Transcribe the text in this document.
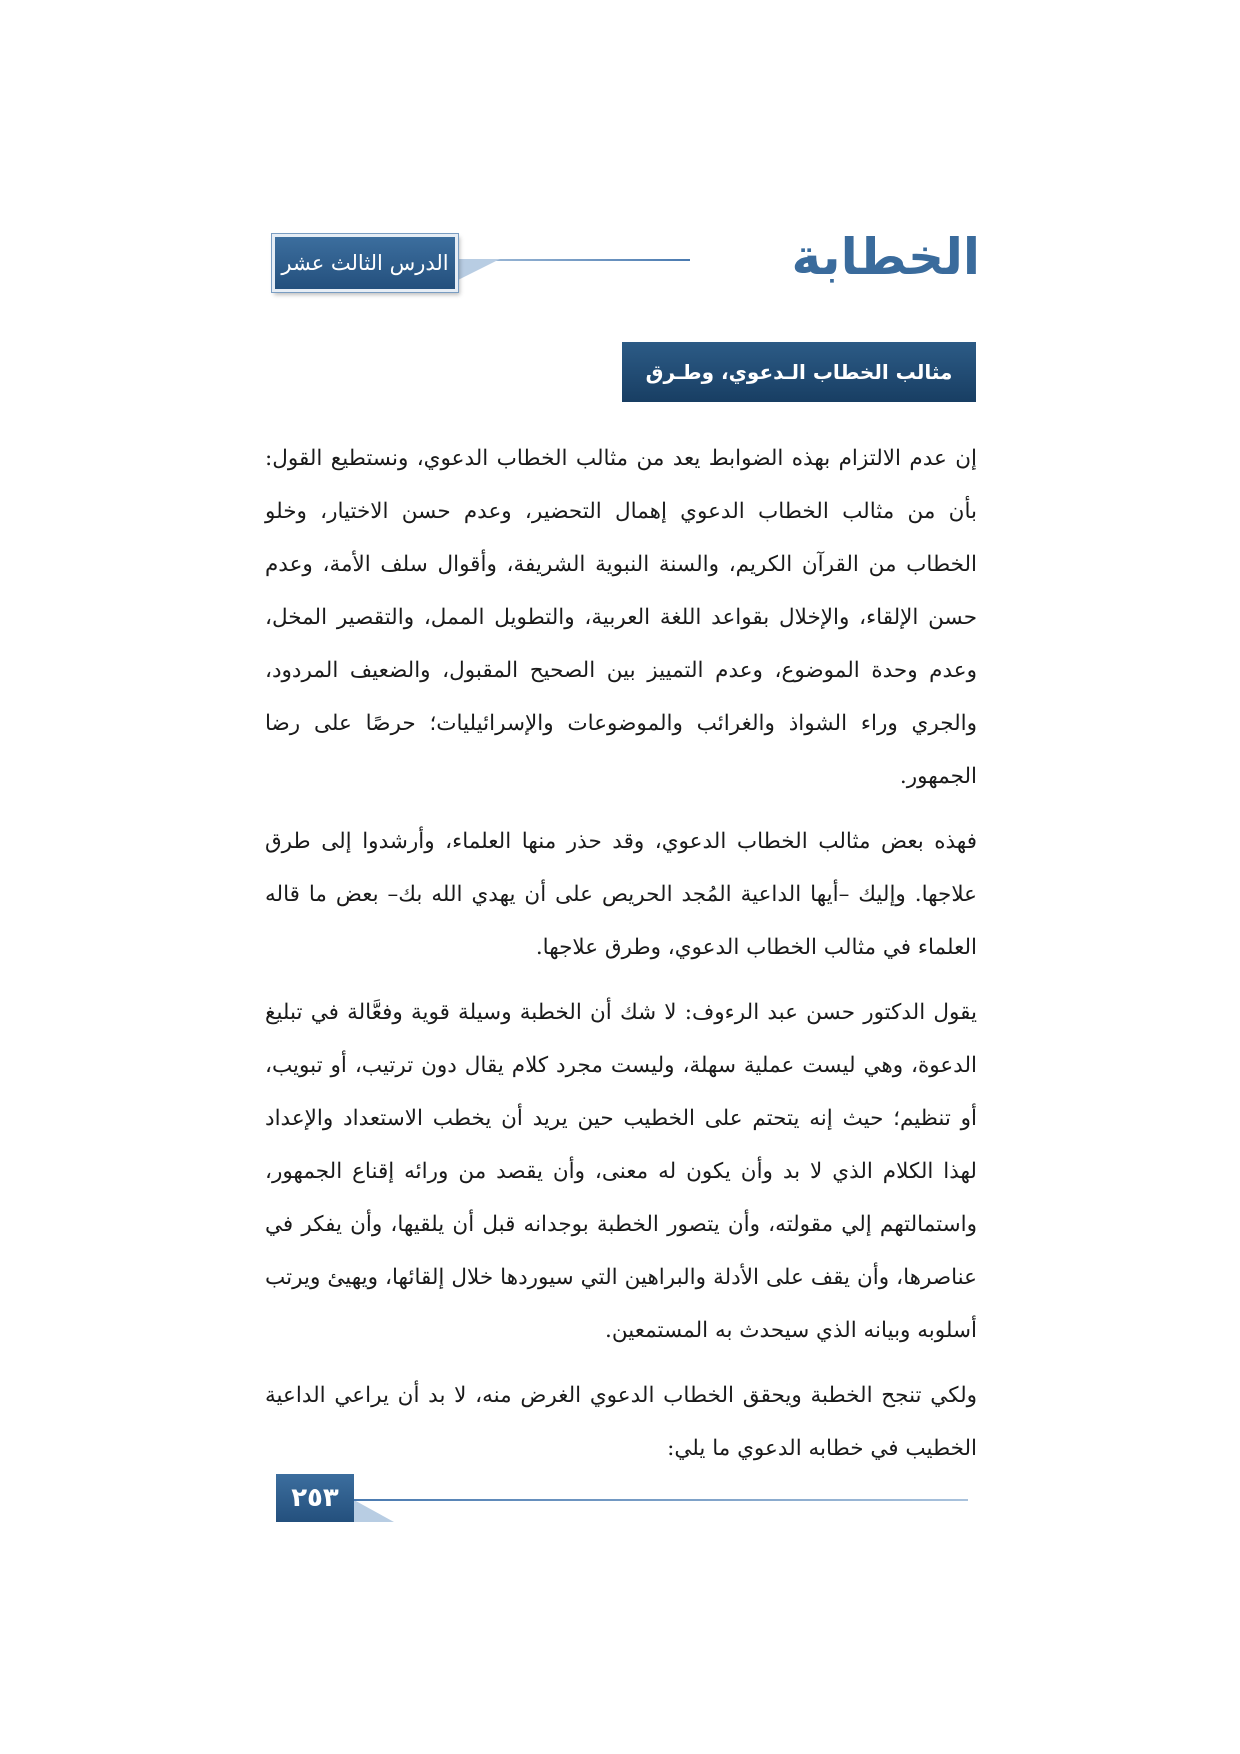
الخطابة
الدرس الثالث عشر
مثالب الخطاب الـدعوي، وطـرق علاجها

إن عدم الالتزام بهذه الضوابط يعد من مثالب الخطاب الدعوي، ونستطيع القول: بأن من مثالب الخطاب الدعوي إهمال التحضير، وعدم حسن الاختيار، وخلو الخطاب من القرآن الكريم، والسنة النبوية الشريفة، وأقوال سلف الأمة، وعدم حسن الإلقاء، والإخلال بقواعد اللغة العربية، والتطويل الممل، والتقصير المخل، وعدم وحدة الموضوع، وعدم التمييز بين الصحيح المقبول، والضعيف المردود، والجري وراء الشواذ والغرائب والموضوعات والإسرائيليات؛ حرصًا على رضا الجمهور.

فهذه بعض مثالب الخطاب الدعوي، وقد حذر منها العلماء، وأرشدوا إلى طرق علاجها. وإليك –أيها الداعية المُجد الحريص على أن يهدي الله بك– بعض ما قاله العلماء في مثالب الخطاب الدعوي، وطرق علاجها.

يقول الدكتور حسن عبد الرءوف: لا شك أن الخطبة وسيلة قوية وفعَّالة في تبليغ الدعوة، وهي ليست عملية سهلة، وليست مجرد كلام يقال دون ترتيب، أو تبويب، أو تنظيم؛ حيث إنه يتحتم على الخطيب حين يريد أن يخطب الاستعداد والإعداد لهذا الكلام الذي لا بد وأن يكون له معنى، وأن يقصد من ورائه إقناع الجمهور، واستمالتهم إلي مقولته، وأن يتصور الخطبة بوجدانه قبل أن يلقيها، وأن يفكر في عناصرها، وأن يقف على الأدلة والبراهين التي سيوردها خلال إلقائها، ويهيئ ويرتب أسلوبه وبيانه الذي سيحدث به المستمعين.

ولكي تنجح الخطبة ويحقق الخطاب الدعوي الغرض منه، لا بد أن يراعي الداعية الخطيب في خطابه الدعوي ما يلي:

٢٥٣
